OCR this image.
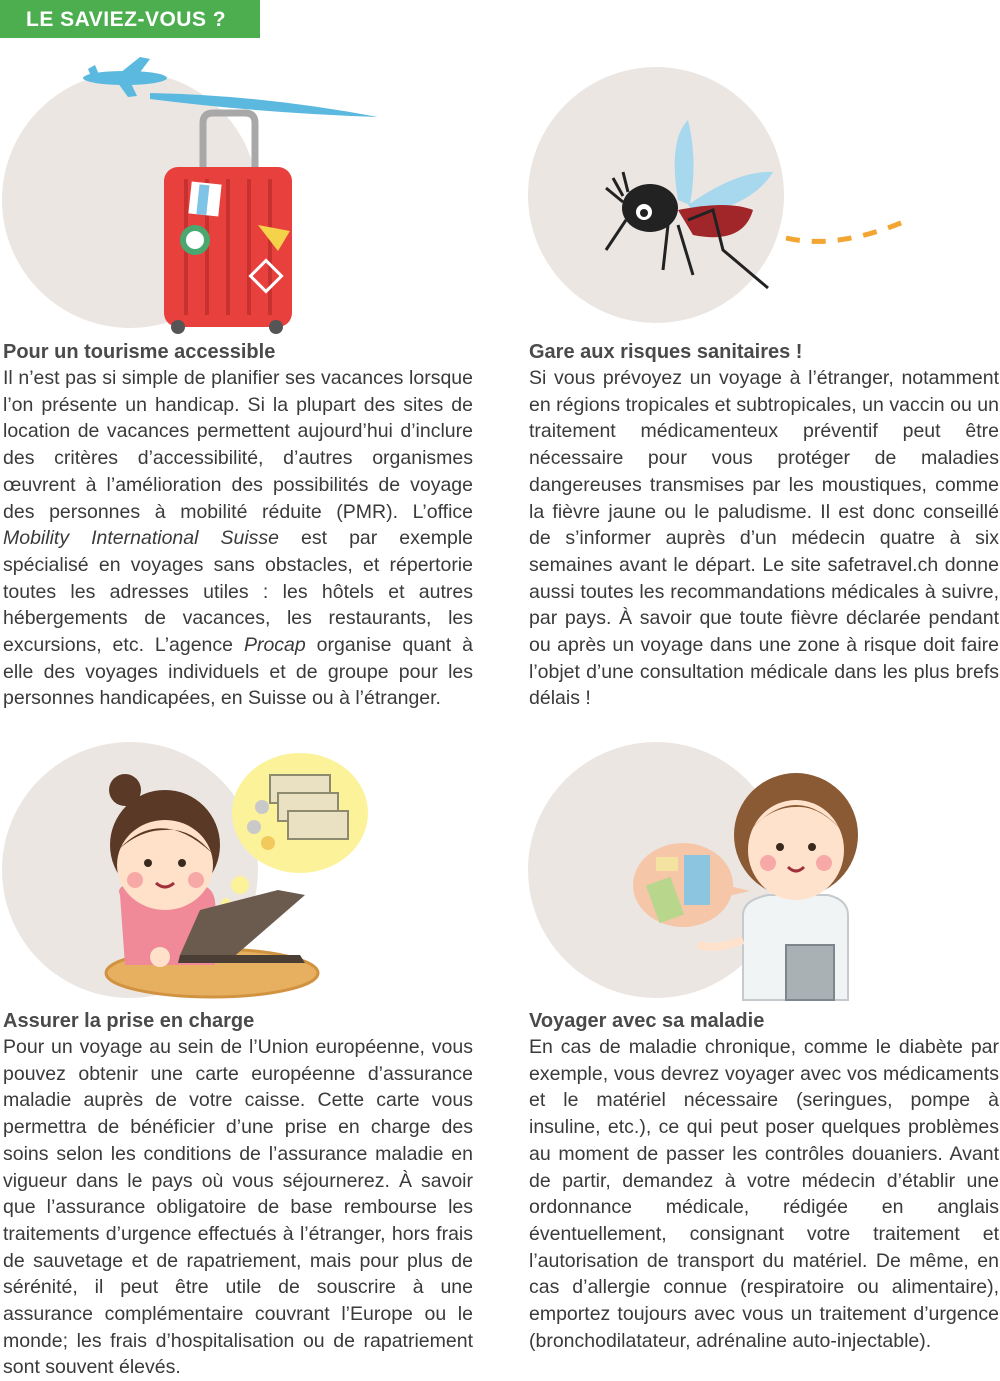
LE SAVIEZ-VOUS ?
Pour un tourisme accessible

Il n’est pas si simple de planifier ses vacances lorsque l’on présente un handicap. Si la plupart des sites de location de vacances permettent aujourd’hui d’inclure des critères d’accessibilité, d’autres organismes œuvrent à l’amélioration des possibilités de voyage des personnes à mobilité réduite (PMR). L’office Mobility International Suisse est par exemple spécialisé en voyages sans obstacles, et répertorie toutes les adresses utiles : les hôtels et autres hébergements de vacances, les restaurants, les excursions, etc. L’agence Procap organise quant à elle des voyages individuels et de groupe pour les personnes handicapées, en Suisse ou à l’étranger.

Gare aux risques sanitaires !

Si vous prévoyez un voyage à l’étranger, notamment en régions tropicales et subtropicales, un vaccin ou un traitement médicamenteux préventif peut être nécessaire pour vous protéger de maladies dangereuses transmises par les moustiques, comme la fièvre jaune ou le paludisme. Il est donc conseillé de s’informer auprès d’un médecin quatre à six semaines avant le départ. Le site safetravel.ch donne aussi toutes les recommandations médicales à suivre, par pays. À savoir que toute fièvre déclarée pendant ou après un voyage dans une zone à risque doit faire l’objet d’une consultation médicale dans les plus brefs délais !

Assurer la prise en charge

Pour un voyage au sein de l’Union européenne, vous pouvez obtenir une carte européenne d’assurance maladie auprès de votre caisse. Cette carte vous permettra de bénéficier d’une prise en charge des soins selon les conditions de l’assurance maladie en vigueur dans le pays où vous séjournerez. À savoir que l’assurance obligatoire de base rembourse les traitements d’urgence effectués à l’étranger, hors frais de sauvetage et de rapatriement, mais pour plus de sérénité, il peut être utile de souscrire à une assurance complémentaire couvrant l’Europe ou le monde; les frais d’hospitalisation ou de rapatriement sont souvent élevés.

Voyager avec sa maladie

En cas de maladie chronique, comme le diabète par exemple, vous devrez voyager avec vos médicaments et le matériel nécessaire (seringues, pompe à insuline, etc.), ce qui peut poser quelques problèmes au moment de passer les contrôles douaniers. Avant de partir, demandez à votre médecin d’établir une ordonnance médicale, rédigée en anglais éventuellement, consignant votre traitement et l’autorisation de transport du matériel. De même, en cas d’allergie connue (respiratoire ou alimentaire), emportez toujours avec vous un traitement d’urgence (bronchodilatateur, adrénaline auto-injectable).
